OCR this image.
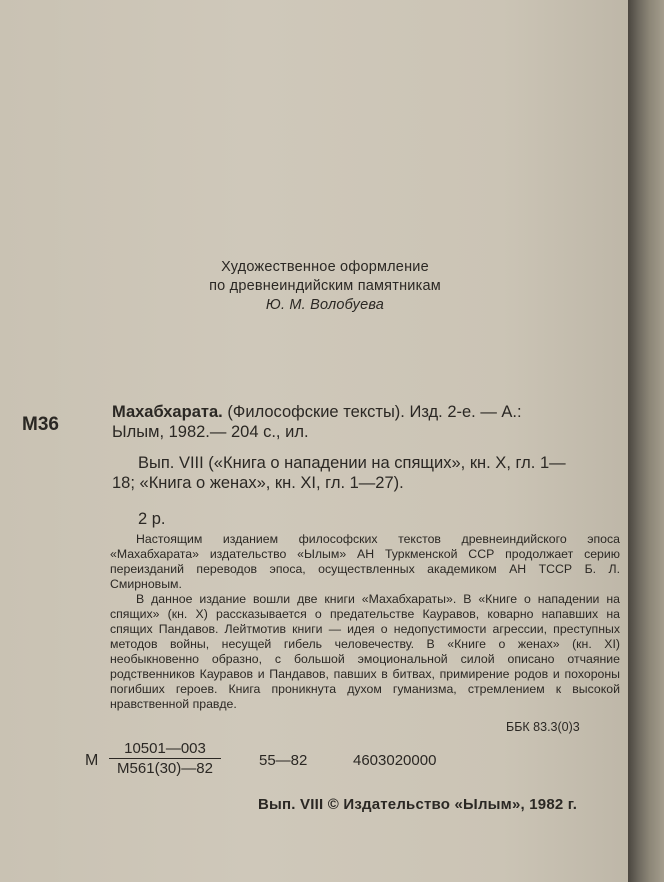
Художественное оформление
по древнеиндийским памятникам
Ю. М. Волобуева
М36

Махабхарата. (Философские тексты). Изд. 2-е. — А.:

Ылым, 1982.— 204 с., ил.

Вып. VIII («Книга о нападении на спящих», кн. X, гл. 1—

18; «Книга о женах», кн. XI, гл. 1—27).

2 р.

Настоящим изданием философских текстов древнеиндийского эпоса «Махабхарата» издательство «Ылым» АН Туркменской ССР продолжает серию переизданий переводов эпоса, осуществленных академиком АН ТССР Б. Л. Смирновым.

В данное издание вошли две книги «Махабхараты». В «Книге о нападении на спящих» (кн. X) рассказывается о предательстве Кауравов, коварно напавших на спящих Пандавов. Лейтмотив книги — идея о недопустимости агрессии, преступных методов войны, несущей гибель человечеству. В «Книге о женах» (кн. XI) необыкновенно образно, с большой эмоциональной силой описано отчаяние родственников Кауравов и Пандавов, павших в битвах, примирение родов и похороны погибших героев. Книга проникнута духом гуманизма, стремлением к высокой нравственной правде.

ББК 83.3(0)3
М
10501—003
М561(30)—82	55—82	4603020000
Вып. VIII © Издательство «Ылым», 1982 г.
